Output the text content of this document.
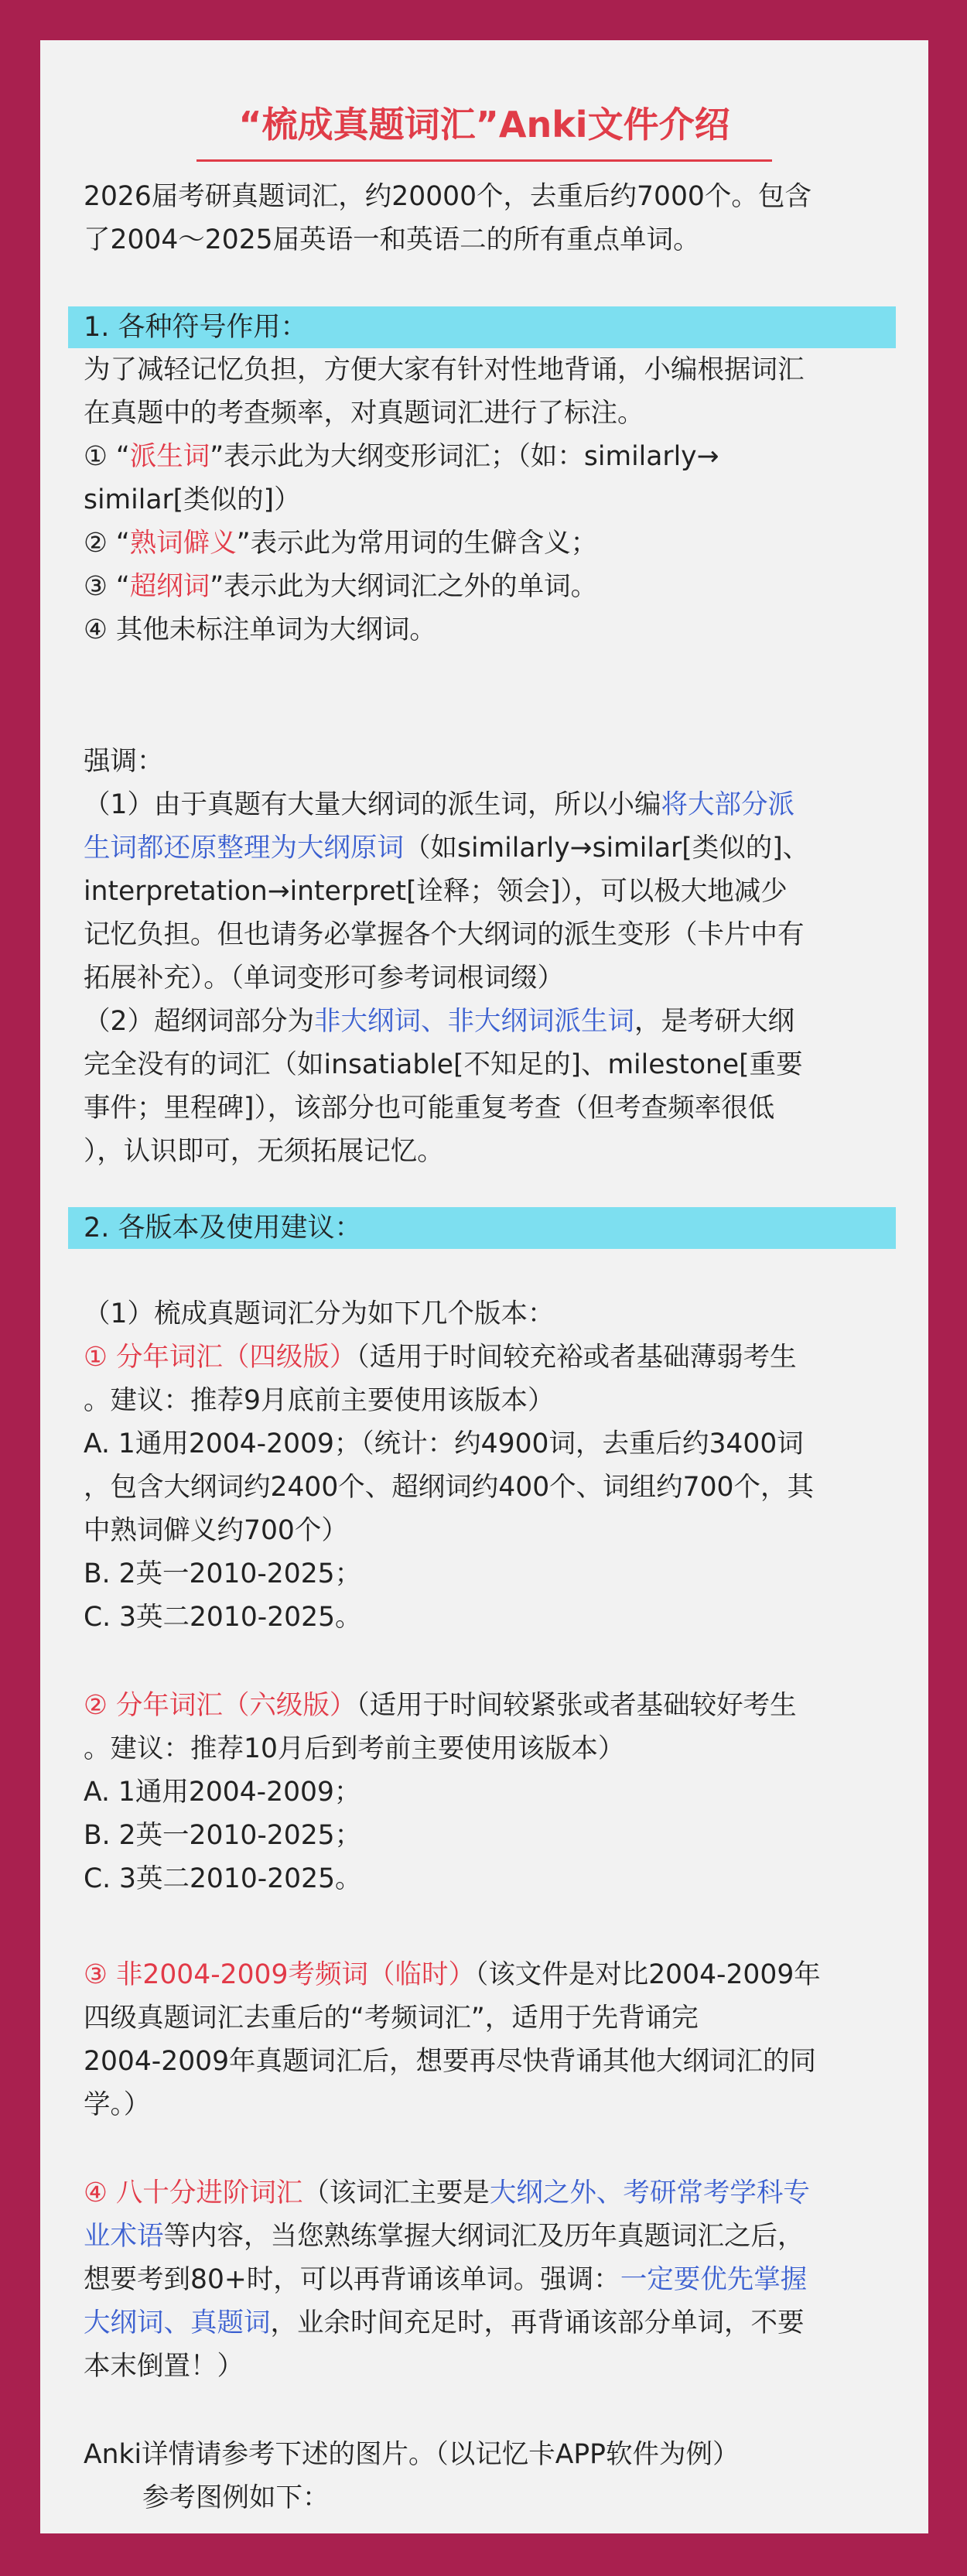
“梳成真题词汇”Anki文件介绍
2026届考研真题词汇，约20000个，去重后约7000个。包含
了2004～2025届英语一和英语二的所有重点单词。
1. 各种符号作用：
为了减轻记忆负担，方便大家有针对性地背诵，小编根据词汇
在真题中的考查频率，对真题词汇进行了标注。
① “派生词”表示此为大纲变形词汇；（如：similarly→
similar[类似的]）
② “熟词僻义”表示此为常用词的生僻含义；
③ “超纲词”表示此为大纲词汇之外的单词。
④ 其他未标注单词为大纲词。
强调：
（1）由于真题有大量大纲词的派生词，所以小编将大部分派
生词都还原整理为大纲原词（如similarly→similar[类似的]、
interpretation→interpret[诠释；领会]），可以极大地减少
记忆负担。但也请务必掌握各个大纲词的派生变形（卡片中有
拓展补充）。（单词变形可参考词根词缀）
（2）超纲词部分为非大纲词、非大纲词派生词，是考研大纲
完全没有的词汇（如insatiable[不知足的]、milestone[重要
事件；里程碑]），该部分也可能重复考查（但考查频率很低
），认识即可，无须拓展记忆。
2. 各版本及使用建议：
（1）梳成真题词汇分为如下几个版本：
① 分年词汇（四级版）（适用于时间较充裕或者基础薄弱考生
。建议：推荐9月底前主要使用该版本）
A. 1通用2004-2009；（统计：约4900词，去重后约3400词
，包含大纲词约2400个、超纲词约400个、词组约700个，其
中熟词僻义约700个）
B. 2英一2010-2025；
C. 3英二2010-2025。
② 分年词汇（六级版）（适用于时间较紧张或者基础较好考生
。建议：推荐10月后到考前主要使用该版本）
A. 1通用2004-2009；
B. 2英一2010-2025；
C. 3英二2010-2025。
③ 非2004-2009考频词（临时）（该文件是对比2004-2009年
四级真题词汇去重后的“考频词汇”，适用于先背诵完
2004-2009年真题词汇后，想要再尽快背诵其他大纲词汇的同
学。）
④ 八十分进阶词汇（该词汇主要是大纲之外、考研常考学科专
业术语等内容，当您熟练掌握大纲词汇及历年真题词汇之后，
想要考到80+时，可以再背诵该单词。强调：一定要优先掌握
大纲词、真题词，业余时间充足时，再背诵该部分单词，不要
本末倒置！）
Anki详情请参考下述的图片。（以记忆卡APP软件为例）
参考图例如下：
